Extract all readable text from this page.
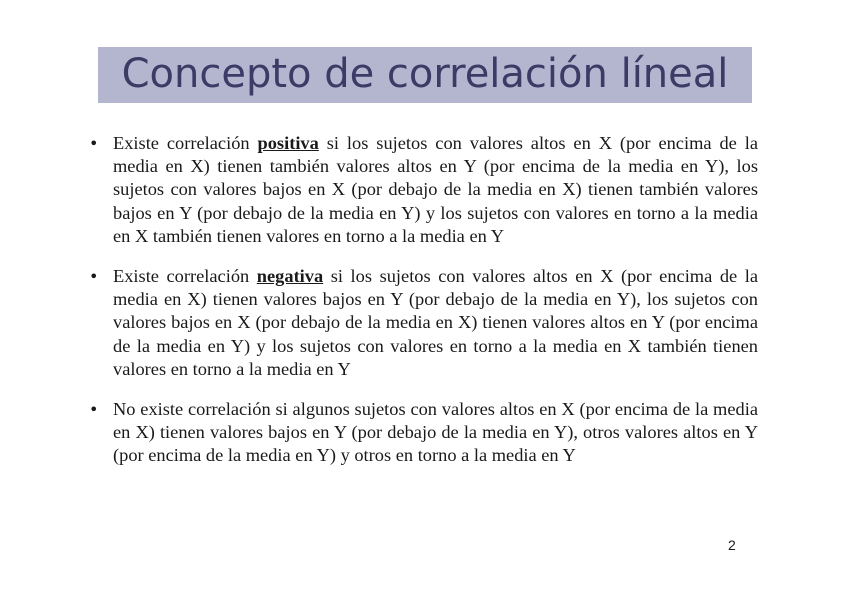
Concepto de correlación líneal
• Existe correlación positiva si los sujetos con valores altos en X (por encima de la media en X) tienen también valores altos en Y (por encima de la media en Y), los sujetos con valores bajos en X (por debajo de la media en X) tienen también valores bajos en Y (por debajo de la media en Y) y los sujetos con valores en torno a la media en X también tienen valores en torno a la media en Y
• Existe correlación negativa si los sujetos con valores altos en X (por encima de la media en X) tienen valores bajos en Y (por debajo de la media en Y), los sujetos con valores bajos en X (por debajo de la media en X) tienen valores altos en Y (por encima de la media en Y) y los sujetos con valores en torno a la media en X también tienen valores en torno a la media en Y
• No existe correlación si algunos sujetos con valores altos en X (por encima de la media en X) tienen valores bajos en Y (por debajo de la media en Y), otros valores altos en Y (por encima de la media en Y) y otros en torno a la media en Y
2
